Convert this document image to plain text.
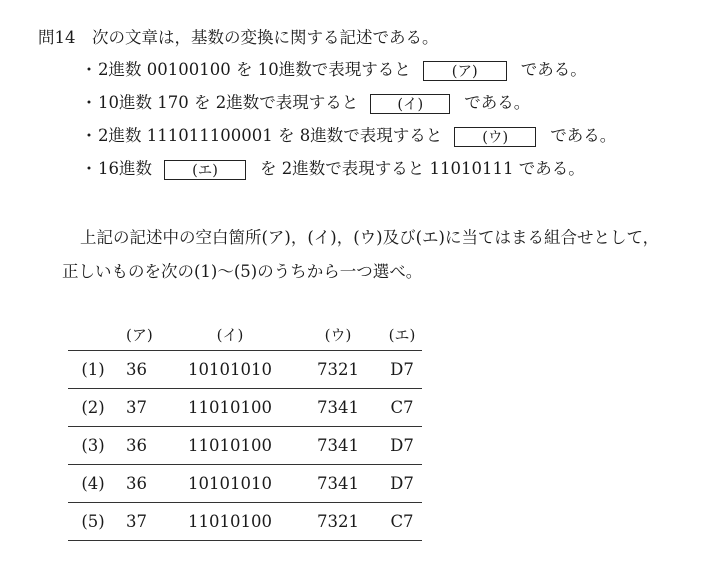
問14 次の文章は，基数の変換に関する記述である。
・2進数 00100100 を 10進数で表現すると	(ア)	である。
・10進数 170 を 2進数で表現すると	(イ) である。
・2進数 111011100001 を 8進数で表現すると	(ウ)	である。
・16進数	(エ)	を 2進数で表現すると 11010111 である。
上記の記述中の空白箇所(ア)，(イ)，(ウ)及び(エ)に当てはまる組合せとして，
正しいものを次の(1)～(5)のうちから一つ選べ。
	(ア)	(イ)	(ウ)	(エ)
(1)	36	10101010	7321	D7
(2)	37	11010100	7341	C7
(3)	36	11010100	7341	D7
(4)	36	10101010	7341	D7
(5)	37	11010100	7321	C7
